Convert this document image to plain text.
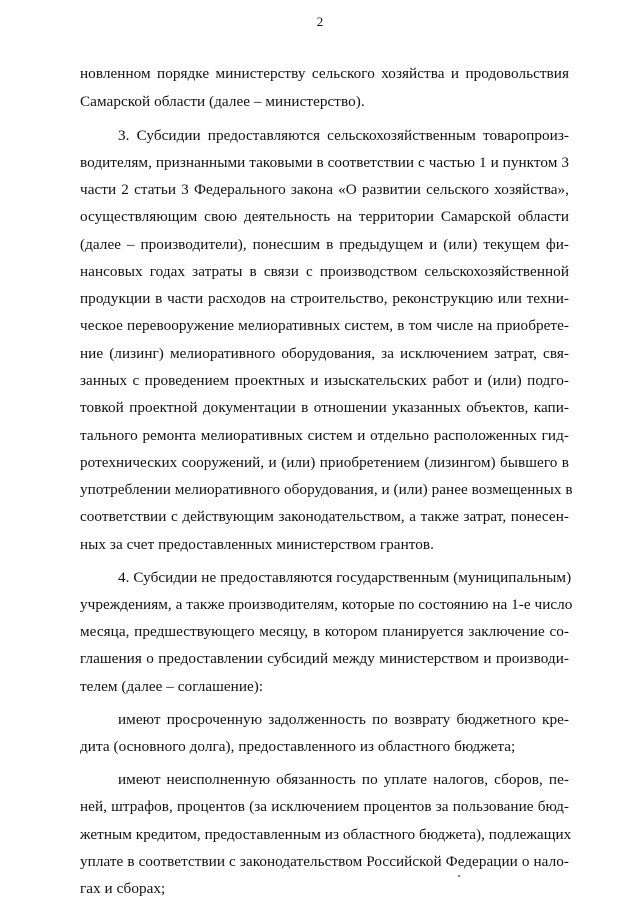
2
новленном порядке министерству сельского хозяйства и продовольствия
Самарской области (далее – министерство).
3. Субсидии предоставляются сельскохозяйственным товаропроиз-
водителям, признанными таковыми в соответствии с частью 1 и пунктом 3
части 2 статьи 3 Федерального закона «О развитии сельского хозяйства»,
осуществляющим свою деятельность на территории Самарской области
(далее – производители), понесшим в предыдущем и (или) текущем фи-
нансовых годах затраты в связи с производством сельскохозяйственной
продукции в части расходов на строительство, реконструкцию или техни-
ческое перевооружение мелиоративных систем, в том числе на приобрете-
ние (лизинг) мелиоративного оборудования, за исключением затрат, свя-
занных с проведением проектных и изыскательских работ и (или) подго-
товкой проектной документации в отношении указанных объектов, капи-
тального ремонта мелиоративных систем и отдельно расположенных гид-
ротехнических сооружений, и (или) приобретением (лизингом) бывшего в
употреблении мелиоративного оборудования, и (или) ранее возмещенных в
соответствии с действующим законодательством, а также затрат, понесен-
ных за счет предоставленных министерством грантов.
4. Субсидии не предоставляются государственным (муниципальным)
учреждениям, а также производителям, которые по состоянию на 1-е число
месяца, предшествующего месяцу, в котором планируется заключение со-
глашения о предоставлении субсидий между министерством и производи-
телем (далее – соглашение):
имеют просроченную задолженность по возврату бюджетного кре-
дита (основного долга), предоставленного из областного бюджета;
имеют неисполненную обязанность по уплате налогов, сборов, пе-
ней, штрафов, процентов (за исключением процентов за пользование бюд-
жетным кредитом, предоставленным из областного бюджета), подлежащих
уплате в соответствии с законодательством Российской Федерации о нало-
гах и сборах;
